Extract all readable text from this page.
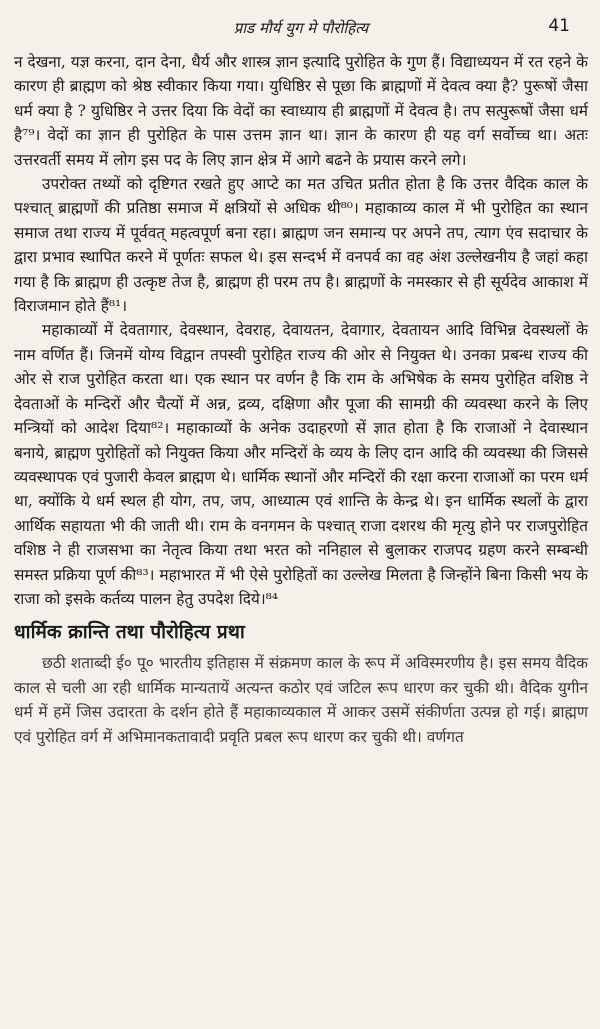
प्राड मौर्य युग मे पौरोहित्य	41

न देखना, यज्ञ करना, दान देना, धैर्य और शास्त्र ज्ञान इत्यादि पुरोहित के गुण हैं। विद्याध्ययन में रत रहने के कारण ही ब्राह्मण को श्रेष्ठ स्वीकार किया गया। युधिष्ठिर से पूछा कि ब्राह्मणों में देवत्व क्या है? पुरूषों जैसा धर्म क्या है ? युधिष्ठिर ने उत्तर दिया कि वेदों का स्वाध्याय ही ब्राह्मणों में देवत्व है। तप सत्पुरूषों जैसा धर्म है⁷⁹। वेदों का ज्ञान ही पुरोहित के पास उत्तम ज्ञान था। ज्ञान के कारण ही यह वर्ग सर्वोच्च था। अतः उत्तरवर्ती समय में लोग इस पद के लिए ज्ञान क्षेत्र में आगे बढने के प्रयास करने लगे।

उपरोक्त तथ्यों को दृष्टिगत रखते हुए आप्टे का मत उचित प्रतीत होता है कि उत्तर वैदिक काल के पश्चात् ब्राह्मणों की प्रतिष्ठा समाज में क्षत्रियों से अधिक थी⁸⁰। महाकाव्य काल में भी पुरोहित का स्थान समाज तथा राज्य में पूर्ववत् महत्वपूर्ण बना रहा। ब्राह्मण जन समान्य पर अपने तप, त्याग एंव सदाचार के द्वारा प्रभाव स्थापित करने में पूर्णतः सफल थे। इस सन्दर्भ में वनपर्व का वह अंश उल्लेखनीय है जहां कहा गया है कि ब्राह्मण ही उत्कृष्ट तेज है, ब्राह्मण ही परम तप है। ब्राह्मणों के नमस्कार से ही सूर्यदेव आकाश में विराजमान होते हैं⁸¹।

महाकाव्यों में देवतागार, देवस्थान, देवराह, देवायतन, देवागार, देवतायन आदि विभिन्न देवस्थलों के नाम वर्णित हैं। जिनमें योग्य विद्वान तपस्वी पुरोहित राज्य की ओर से नियुक्त थे। उनका प्रबन्ध राज्य की ओर से राज पुरोहित करता था। एक स्थान पर वर्णन है कि राम के अभिषेक के समय पुरोहित वशिष्ठ ने देवताओं के मन्दिरों और चैत्यों में अन्न, द्रव्य, दक्षिणा और पूजा की सामग्री की व्यवस्था करने के लिए मन्त्रियों को आदेश दिया⁸²। महाकाव्यों के अनेक उदाहरणो सें ज्ञात होता है कि राजाओं ने देवास्थान बनाये, ब्राह्मण पुरोहितों को नियुक्त किया और मन्दिरों के व्यय के लिए दान आदि की व्यवस्था की जिससे व्यवस्थापक एवं पुजारी केवल ब्राह्मण थे। धार्मिक स्थानों और मन्दिरों की रक्षा करना राजाओं का परम धर्म था, क्योंकि ये धर्म स्थल ही योग, तप, जप, आध्यात्म एवं शान्ति के केन्द्र थे। इन धार्मिक स्थलों के द्वारा आर्थिक सहायता भी की जाती थी। राम के वनगमन के पश्चात् राजा दशरथ की मृत्यु होने पर राजपुरोहित वशिष्ठ ने ही राजसभा का नेतृत्व किया तथा भरत को ननिहाल से बुलाकर राजपद ग्रहण करने सम्बन्धी समस्त प्रक्रिया पूर्ण की⁸³। महाभारत में भी ऐसे पुरोहितों का उल्लेख मिलता है जिन्होंने बिना किसी भय के राजा को इसके कर्तव्य पालन हेतु उपदेश दिये।⁸⁴

धार्मिक क्रान्ति तथा पौरोहित्य प्रथा

छठी शताब्दी ई० पू० भारतीय इतिहास में संक्रमण काल के रूप में अविस्मरणीय है। इस समय वैदिक काल से चली आ रही धार्मिक मान्यतायें अत्यन्त कठोर एवं जटिल रूप धारण कर चुकी थी। वैदिक युगीन धर्म में हमें जिस उदारता के दर्शन होते हैं महाकाव्यकाल में आकर उसमें संकीर्णता उत्पन्न हो गई। ब्राह्मण एवं पुरोहित वर्ग में अभिमानकतावादी प्रवृति प्रबल रूप धारण कर चुकी थी। वर्णगत
